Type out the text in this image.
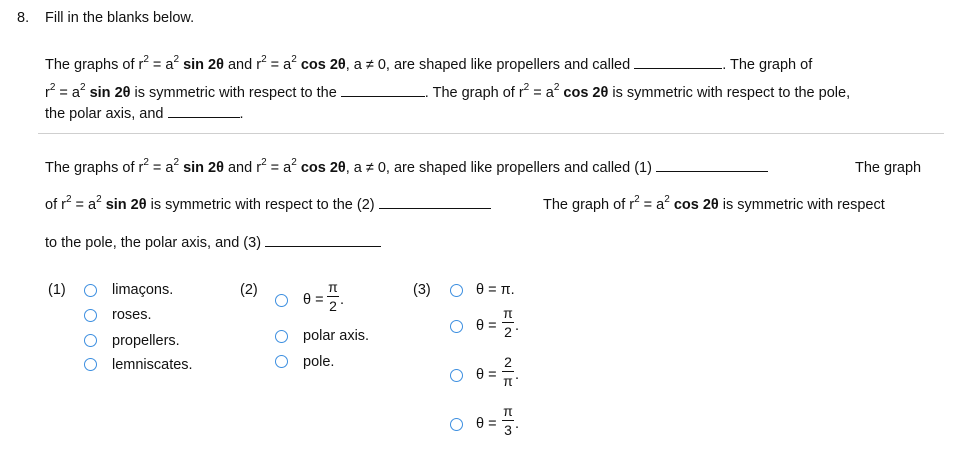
8. Fill in the blanks below.
The graphs of $r^2 = a^2$ sin 2θ and $r^2 = a^2$ cos 2θ, a ≠ 0, are shaped like propellers and called	. The graph of
$r^2 = a^2$ sin 2θ is symmetric with respect to the	. The graph of $r^2 = a^2$ cos 2θ is symmetric with respect to the pole,
the polar axis, and	.
The graphs of $r^2 = a^2$ sin 2θ and $r^2 = a^2$ cos 2θ, a ≠ 0, are shaped like propellers and called (1)	The graph
of $r^2 = a^2$ sin 2θ is symmetric with respect to the (2)	The graph of $r^2 = a^2$ cos 2θ is symmetric with respect
to the pole, the polar axis, and (3)
(1)	limaçons.
roses.
propellers.
lemniscates.
(2)
θ =
π
2 .
polar axis.
pole.
(3)	θ = π.
θ =
π
2 .
θ =
2
π .
θ =
π
3 .
